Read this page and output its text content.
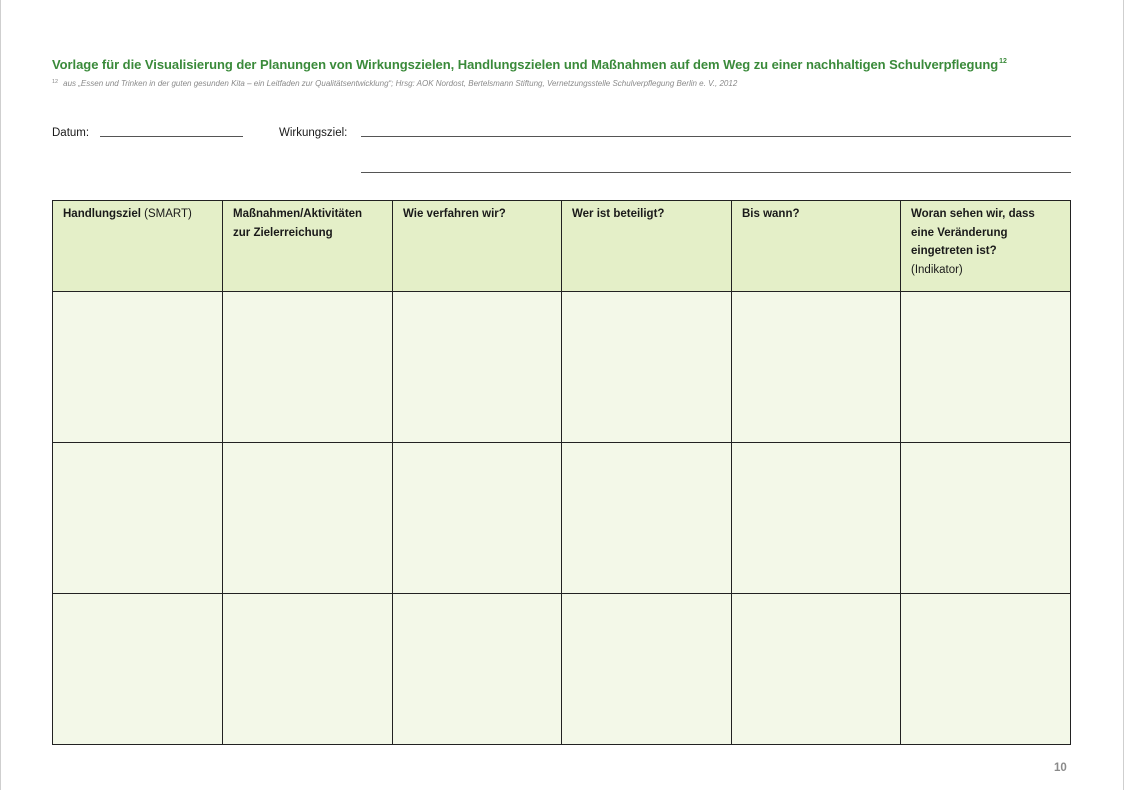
Vorlage für die Visualisierung der Planungen von Wirkungszielen, Handlungszielen und Maßnahmen auf dem Weg zu einer nachhaltigen Schulverpflegung$^{12}$
$^{12}$ aus „Essen und Trinken in der guten gesunden Kita – ein Leitfaden zur Qualitätsentwicklung“; Hrsg: AOK Nordost, Bertelsmann Stiftung, Vernetzungsstelle Schulverpflegung Berlin e. V., 2012
Datum:	Wirkungsziel:
Handlungsziel (SMART)	Maßnahmen/Aktivitäten zur Zielerreichung	Wie verfahren wir?	Wer ist beteiligt?	Bis wann?	Woran sehen wir, dass eine Veränderung eingetreten ist?
(Indikator)

10
